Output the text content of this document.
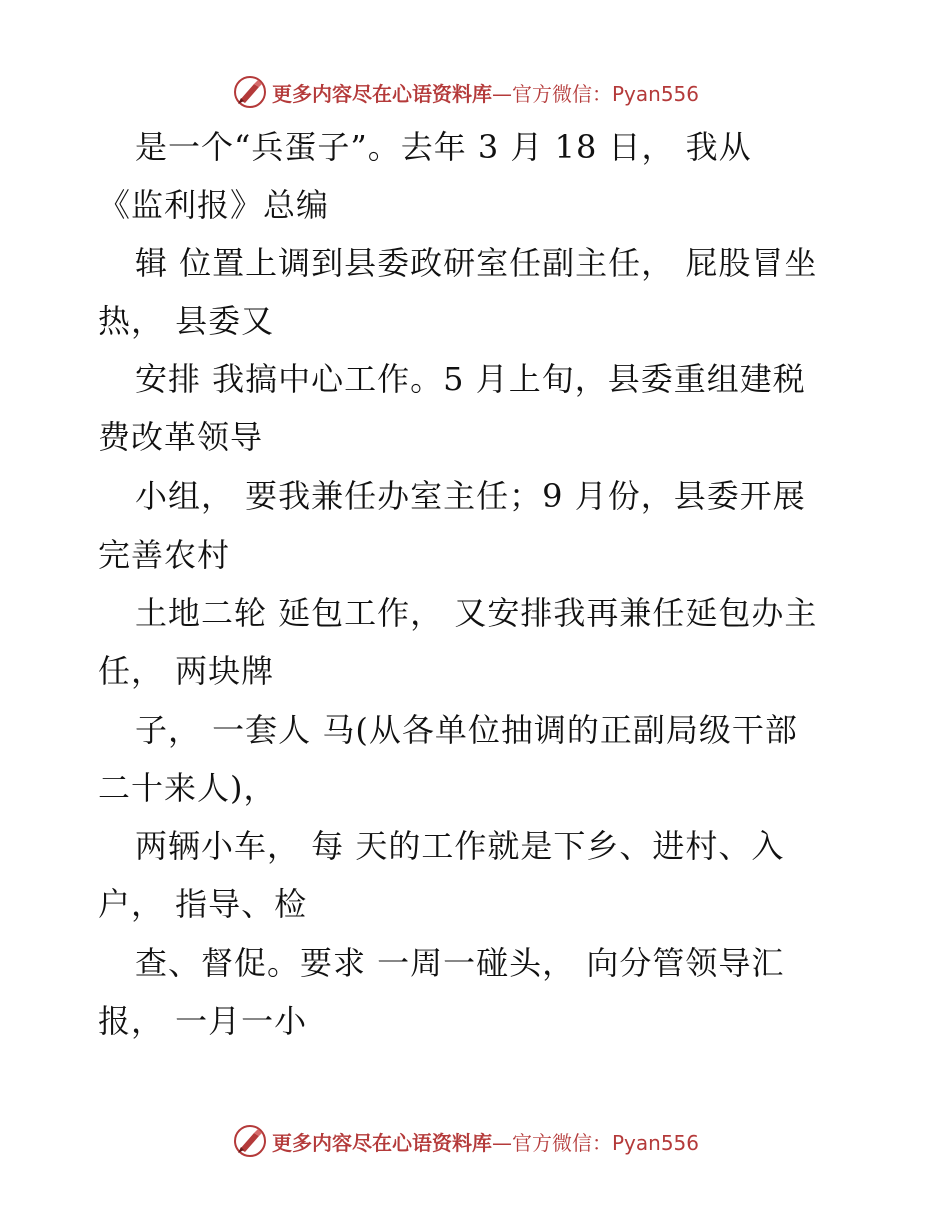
更多内容尽在心语资料库—官方微信：Pyan556
是一个“兵蛋子”。去年 3 月 18 日， 我从
《监利报》总编
辑 位置上调到县委政研室任副主任， 屁股冒坐
热， 县委又
安排 我搞中心工作。5 月上旬，县委重组建税
费改革领导
小组， 要我兼任办室主任；9 月份，县委开展
完善农村
土地二轮 延包工作， 又安排我再兼任延包办主
任， 两块牌
子， 一套人 马(从各单位抽调的正副局级干部
二十来人)，
两辆小车， 每 天的工作就是下乡、进村、入
户， 指导、检
查、督促。要求 一周一碰头， 向分管领导汇
报， 一月一小
更多内容尽在心语资料库—官方微信：Pyan556
